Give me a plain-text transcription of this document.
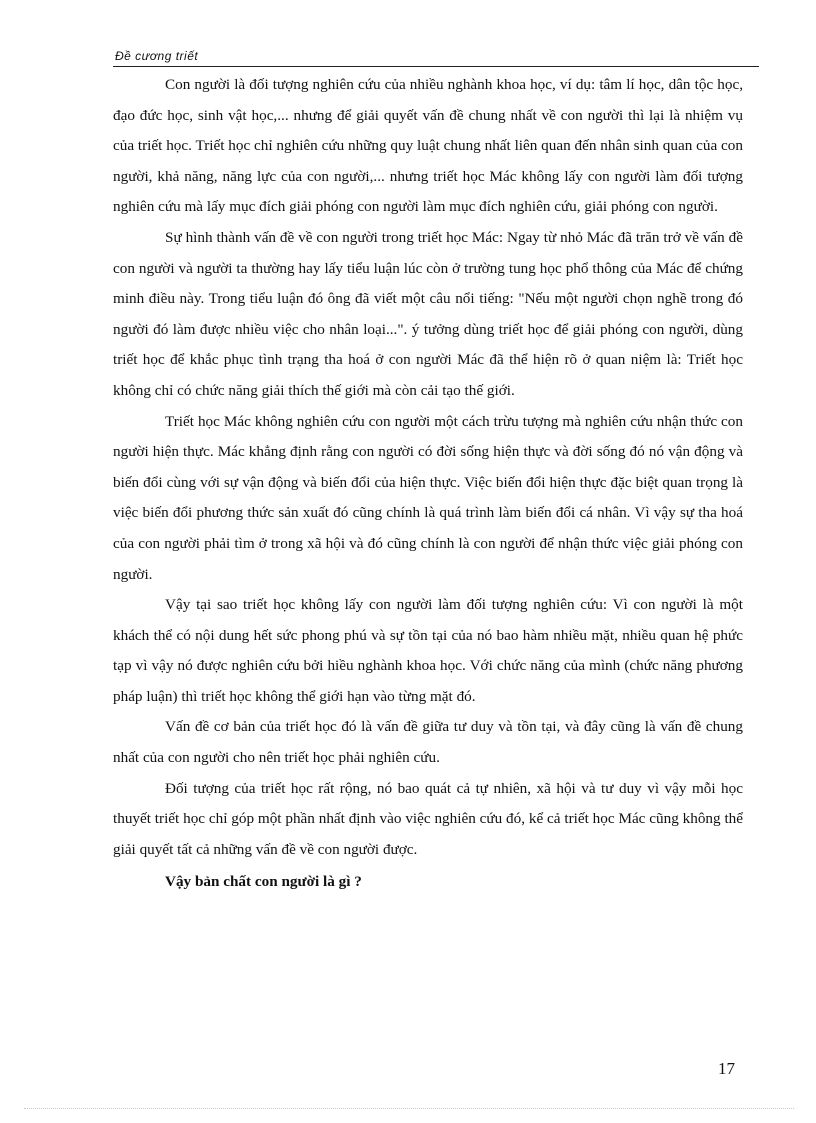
Đề cương triết

Con người là đối tượng nghiên cứu của nhiều nghành khoa học, ví dụ: tâm lí học, dân tộc học, đạo đức học, sinh vật học,... nhưng để giải quyết vấn đề chung nhất về con người thì lại là nhiệm vụ của triết học. Triết học chỉ nghiên cứu những quy luật chung nhất liên quan đến nhân sinh quan của con người, khả năng, năng lực của con người,... nhưng triết học Mác không lấy con người làm đối tượng nghiên cứu mà lấy mục đích giải phóng con người làm mục đích nghiên cứu, giải phóng con người.

Sự hình thành vấn đề về con người trong triết học Mác: Ngay từ nhỏ Mác đã trăn trở về vấn đề con người và người ta thường hay lấy tiểu luận lúc còn ở trường tung học phổ thông của Mác để chứng minh điều này. Trong tiểu luận đó ông đã viết một câu nổi tiếng: "Nếu một người chọn nghề trong đó người đó làm được nhiều việc cho nhân loại...". ý tưởng dùng triết học để giải phóng con người, dùng triết học để khắc phục tình trạng tha hoá ở con người Mác đã thể hiện rõ ở quan niệm là: Triết học không chỉ có chức năng giải thích thế giới mà còn cải tạo thế giới.

Triết học Mác không nghiên cứu con người một cách trừu tượng mà nghiên cứu nhận thức con người hiện thực. Mác khẳng định rằng con người có đời sống hiện thực và đời sống đó nó vận động và biến đổi cùng với sự vận động và biến đổi của hiện thực. Việc biến đổi hiện thực đặc biệt quan trọng là việc biến đổi phương thức sản xuất đó cũng chính là quá trình làm biến đổi cá nhân. Vì vậy sự tha hoá của con người phải tìm ở trong xã hội và đó cũng chính là con người để nhận thức việc giải phóng con người.

Vậy tại sao triết học không lấy con người làm đối tượng nghiên cứu: Vì con người là một khách thể có nội dung hết sức phong phú và sự tồn tại của nó bao hàm nhiều mặt, nhiều quan hệ phức tạp vì vậy nó được nghiên cứu bởi hiều nghành khoa học. Với chức năng của mình (chức năng phương pháp luận) thì triết học không thể giới hạn vào từng mặt đó.

Vấn đề cơ bản của triết học đó là vấn đề giữa tư duy và tồn tại, và đây cũng là vấn đề chung nhất của con người cho nên triết học phải nghiên cứu.

Đối tượng của triết học rất rộng, nó bao quát cả tự nhiên, xã hội và tư duy vì vậy mỗi học thuyết triết học chỉ góp một phần nhất định vào việc nghiên cứu đó, kể cả triết học Mác cũng không thể giải quyết tất cả những vấn đề về con người được.

Vậy bản chất con người là gì ?

17
